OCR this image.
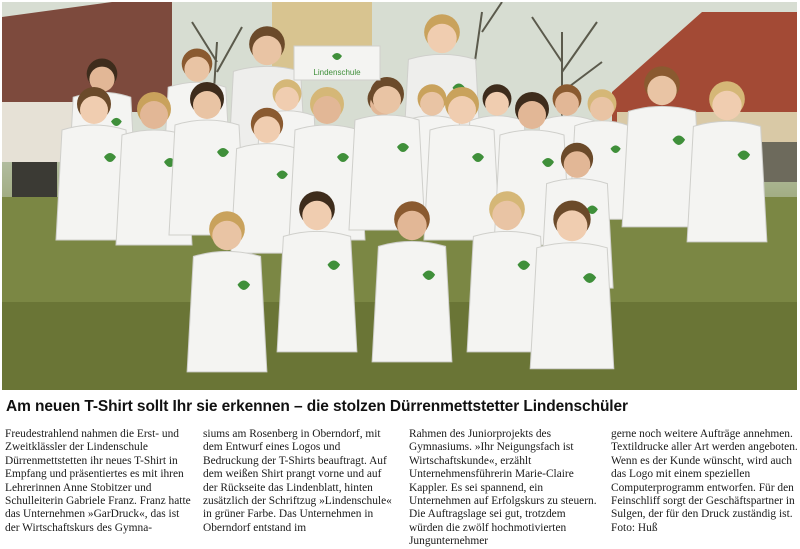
Lindenschule
Am neuen T-Shirt sollt Ihr sie erkennen – die stolzen Dürrenmettstetter Lindenschüler
Freudestrahlend nahmen die Erst- und Zweitklässler der Lindenschule Dürrenmettstetten ihr neues T-Shirt in Empfang und präsentiertes es mit ihren Lehrerinnen Anne Stobitzer und Schulleiterin Gabriele Franz. Franz hatte das Unternehmen »GarDruck«, das ist der Wirtschaftskurs des Gymna-
siums am Rosenberg in Oberndorf, mit dem Entwurf eines Logos und Bedruckung der T-Shirts beauftragt. Auf dem weißen Shirt prangt vorne und auf der Rückseite das Lindenblatt, hinten zusätzlich der Schriftzug »Lindenschule« in grüner Farbe. Das Unternehmen in Oberndorf entstand im
Rahmen des Juniorprojekts des Gymnasiums. »Ihr Neigungsfach ist Wirtschaftskunde«, erzählt Unternehmensführerin Marie-Claire Kappler. Es sei spannend, ein Unternehmen auf Erfolgskurs zu steuern. Die Auftragslage sei gut, trotzdem würden die zwölf hochmotivierten Jungunternehmer
gerne noch weitere Aufträge annehmen. Textildrucke aller Art werden angeboten. Wenn es der Kunde wünscht, wird auch das Logo mit einem speziellen Computerprogramm entworfen. Für den Feinschliff sorgt der Geschäftspartner in Sulgen, der für den Druck zuständig ist. Foto: Huß
